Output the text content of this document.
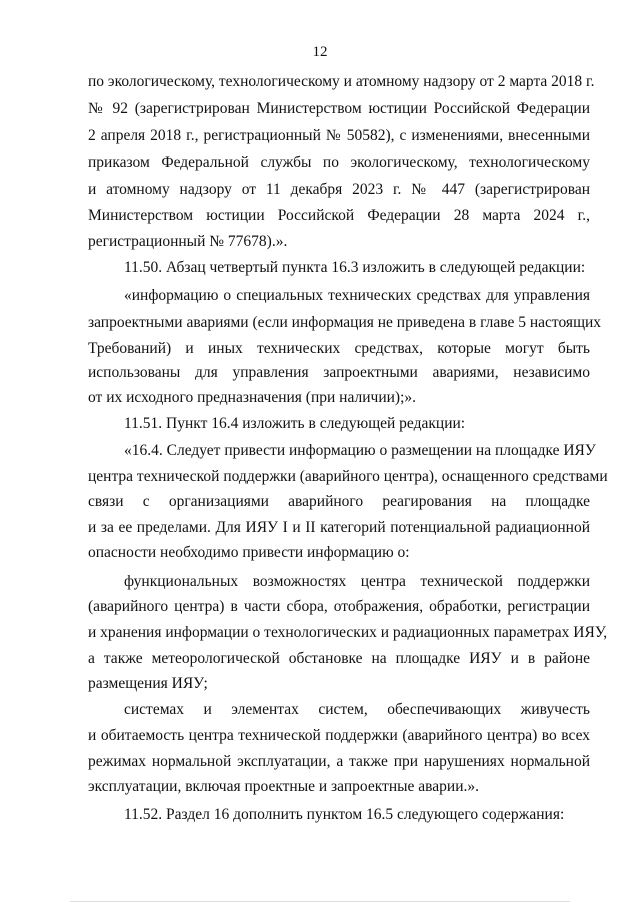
12
по экологическому, технологическому и атомному надзору от 2 марта 2018 г.
№ 92 (зарегистрирован Министерством юстиции Российской Федерации
2 апреля 2018 г., регистрационный № 50582), с изменениями, внесенными
приказом Федеральной службы по экологическому, технологическому
и атомному надзору от 11 декабря 2023 г. № 447 (зарегистрирован
Министерством юстиции Российской Федерации 28 марта 2024 г.,
регистрационный № 77678).».
11.50. Абзац четвертый пункта 16.3 изложить в следующей редакции:
«информацию о специальных технических средствах для управления
запроектными авариями (если информация не приведена в главе 5 настоящих
Требований) и иных технических средствах, которые могут быть
использованы для управления запроектными авариями, независимо
от их исходного предназначения (при наличии);».
11.51. Пункт 16.4 изложить в следующей редакции:
«16.4. Следует привести информацию о размещении на площадке ИЯУ
центра технической поддержки (аварийного центра), оснащенного средствами
связи с организациями аварийного реагирования на площадке
и за ее пределами. Для ИЯУ I и II категорий потенциальной радиационной
опасности необходимо привести информацию о:
функциональных возможностях центра технической поддержки
(аварийного центра) в части сбора, отображения, обработки, регистрации
и хранения информации о технологических и радиационных параметрах ИЯУ,
а также метеорологической обстановке на площадке ИЯУ и в районе
размещения ИЯУ;
системах и элементах систем, обеспечивающих живучесть
и обитаемость центра технической поддержки (аварийного центра) во всех
режимах нормальной эксплуатации, а также при нарушениях нормальной
эксплуатации, включая проектные и запроектные аварии.».
11.52. Раздел 16 дополнить пунктом 16.5 следующего содержания:
